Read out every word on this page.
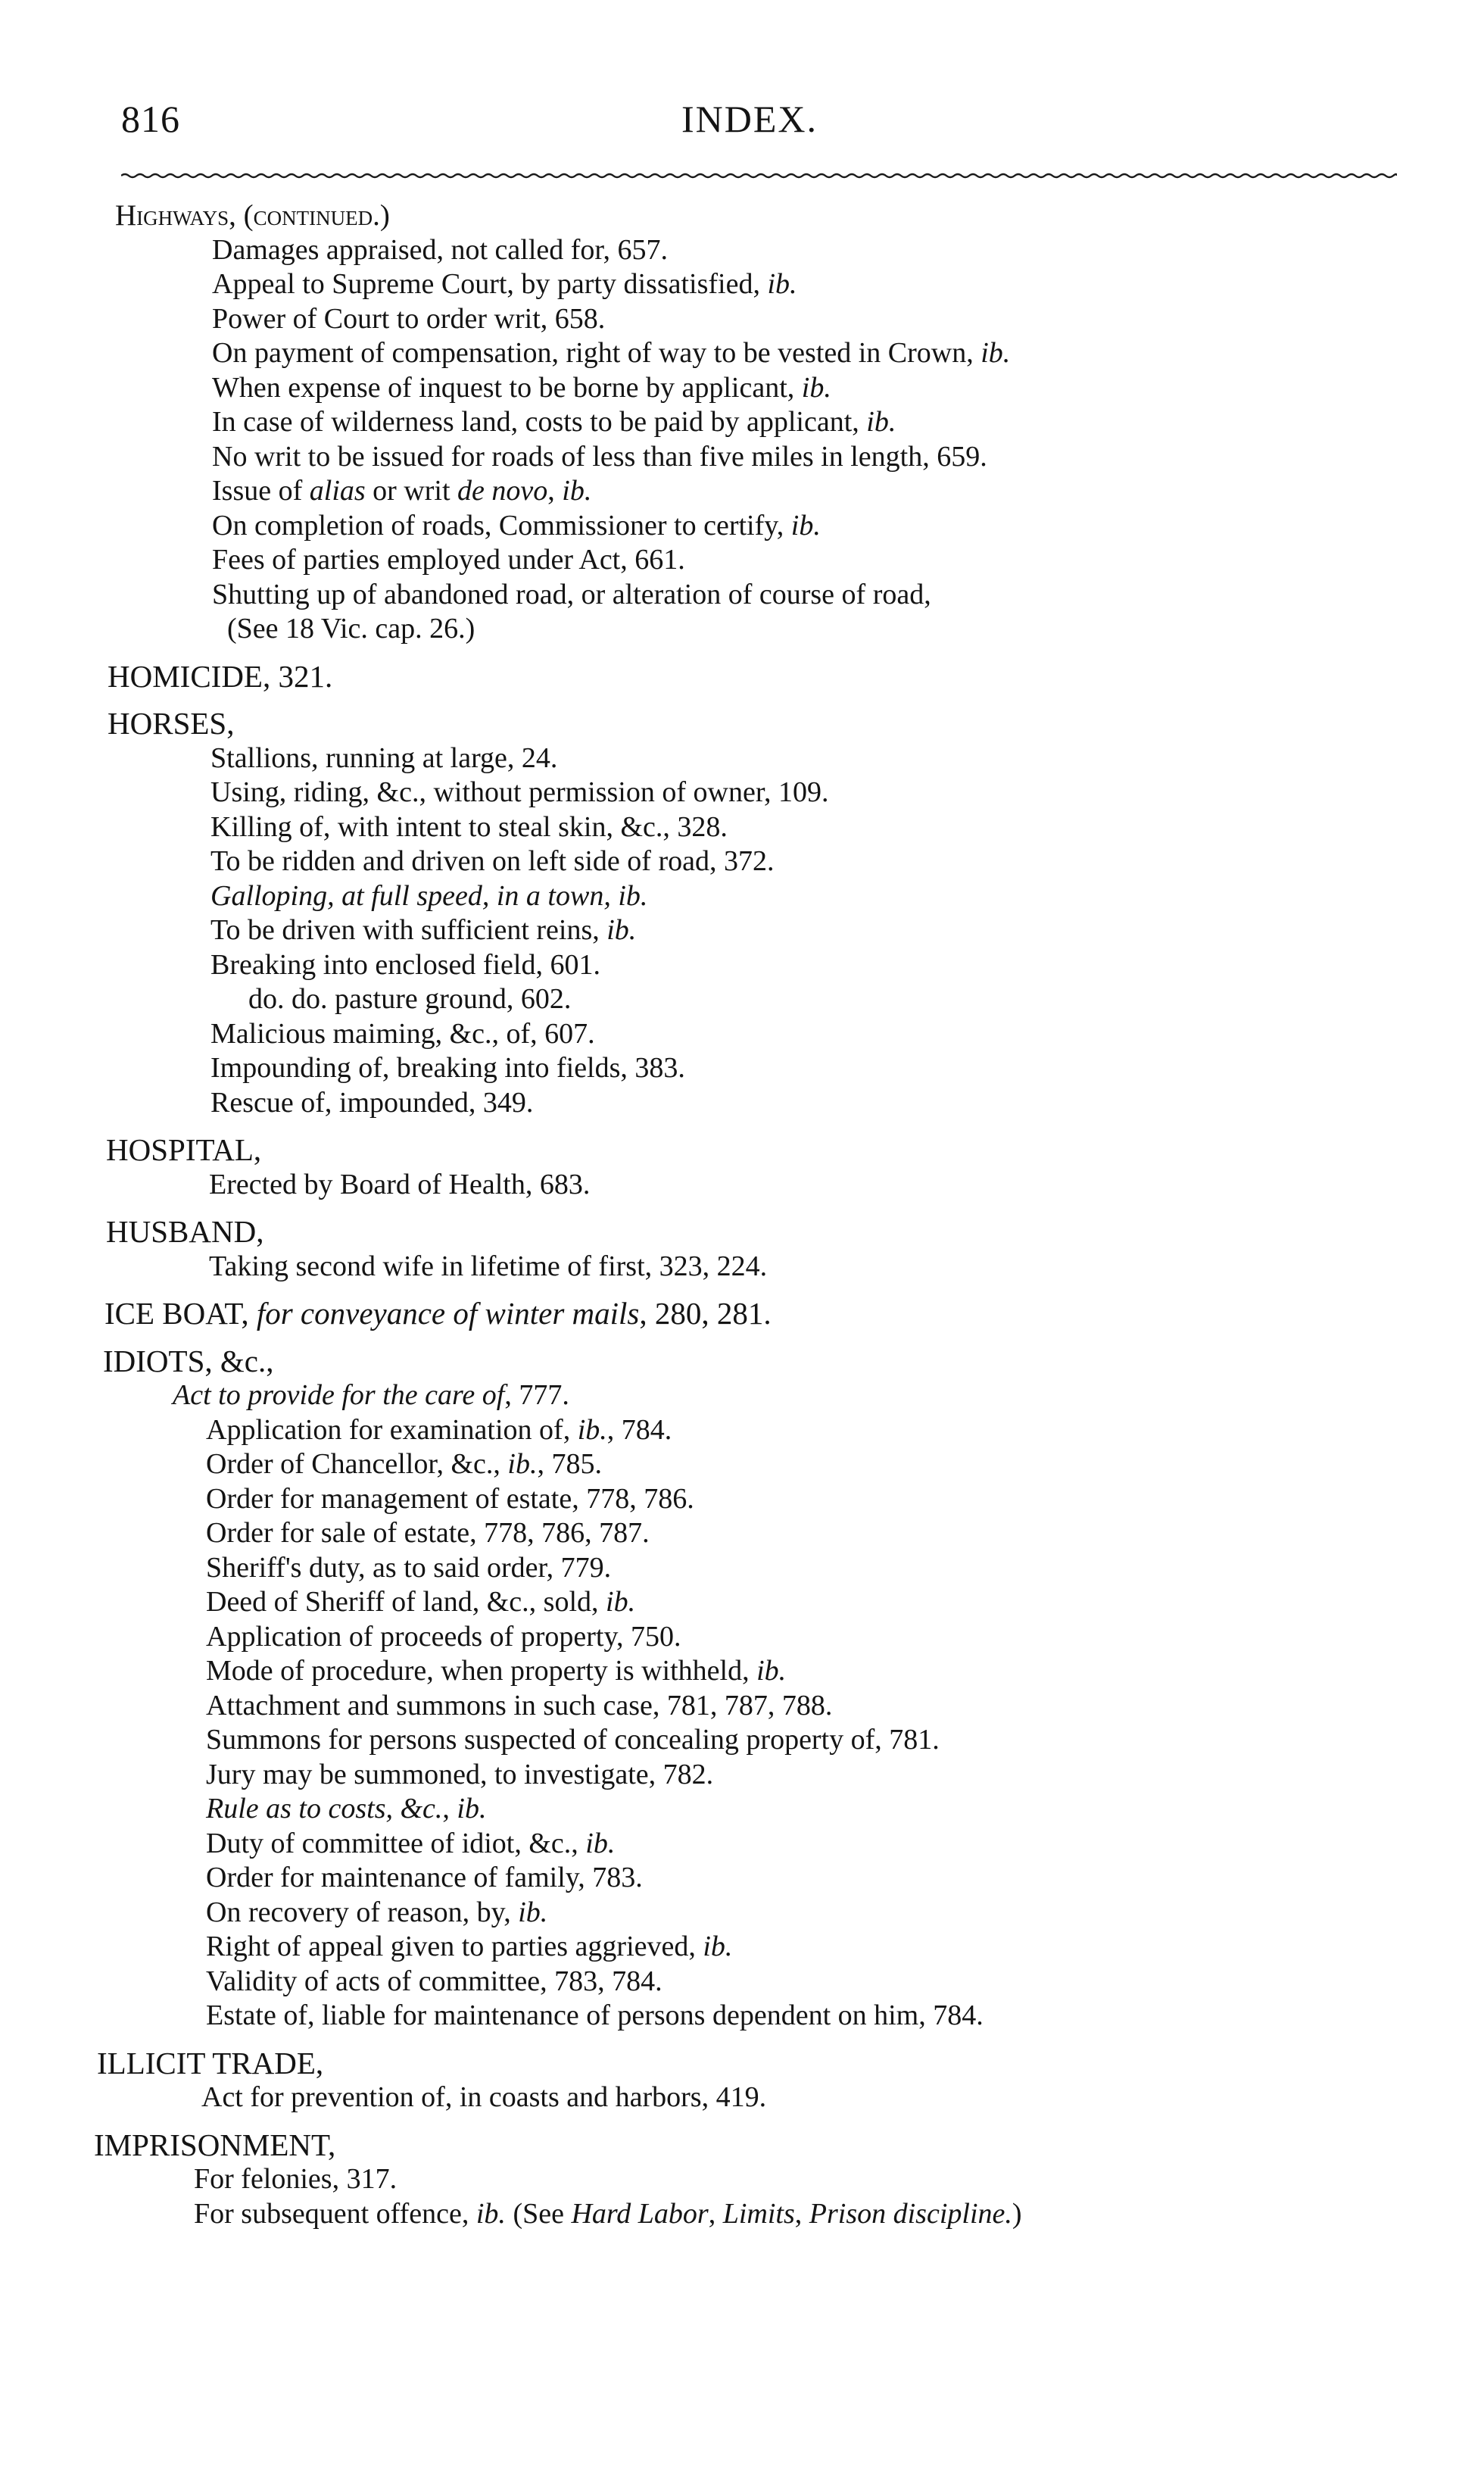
816	INDEX.
Highways, (continued.)
Damages appraised, not called for, 657.
Appeal to Supreme Court, by party dissatisfied, ib.
Power of Court to order writ, 658.
On payment of compensation, right of way to be vested in Crown, ib.
When expense of inquest to be borne by applicant, ib.
In case of wilderness land, costs to be paid by applicant, ib.
No writ to be issued for roads of less than five miles in length, 659.
Issue of alias or writ de novo, ib.
On completion of roads, Commissioner to certify, ib.
Fees of parties employed under Act, 661.
Shutting up of abandoned road, or alteration of course of road,
(See 18 Vic. cap. 26.)
HOMICIDE, 321.
HORSES,
Stallions, running at large, 24.
Using, riding, &c., without permission of owner, 109.
Killing of, with intent to steal skin, &c., 328.
To be ridden and driven on left side of road, 372.
Galloping, at full speed, in a town, ib.
To be driven with sufficient reins, ib.
Breaking into enclosed field, 601.
do. do. pasture ground, 602.
Malicious maiming, &c., of, 607.
Impounding of, breaking into fields, 383.
Rescue of, impounded, 349.
HOSPITAL,
Erected by Board of Health, 683.
HUSBAND,
Taking second wife in lifetime of first, 323, 224.
ICE BOAT, for conveyance of winter mails, 280, 281.
IDIOTS, &c.,
Act to provide for the care of, 777.
Application for examination of, ib., 784.
Order of Chancellor, &c., ib., 785.
Order for management of estate, 778, 786.
Order for sale of estate, 778, 786, 787.
Sheriff's duty, as to said order, 779.
Deed of Sheriff of land, &c., sold, ib.
Application of proceeds of property, 750.
Mode of procedure, when property is withheld, ib.
Attachment and summons in such case, 781, 787, 788.
Summons for persons suspected of concealing property of, 781.
Jury may be summoned, to investigate, 782.
Rule as to costs, &c., ib.
Duty of committee of idiot, &c., ib.
Order for maintenance of family, 783.
On recovery of reason, by, ib.
Right of appeal given to parties aggrieved, ib.
Validity of acts of committee, 783, 784.
Estate of, liable for maintenance of persons dependent on him, 784.
ILLICIT TRADE,
Act for prevention of, in coasts and harbors, 419.
IMPRISONMENT,
For felonies, 317.
For subsequent offence, ib. (See Hard Labor, Limits, Prison discipline.)
